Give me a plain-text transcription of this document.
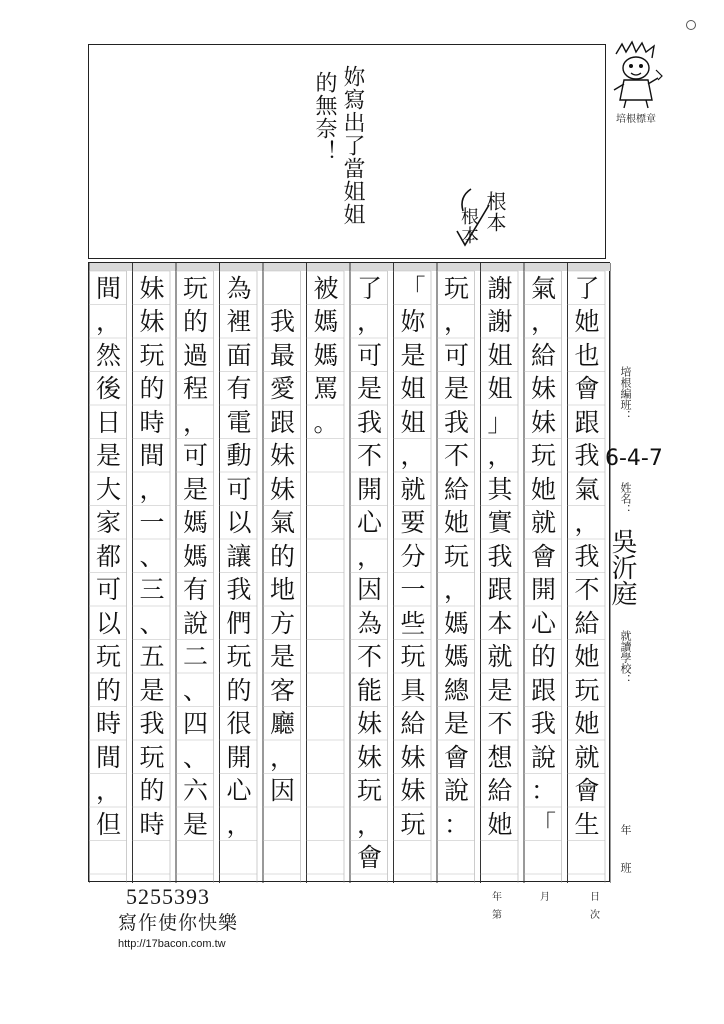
妳寫出了當姐姐
的無奈！
根本
根本
培根標章
了
她
也
會
跟
我
氣
，
我
不
給
她
玩
她
就
會
生
氣
，
給
妹
妹
玩
她
就
會
開
心
的
跟
我
說
：
「
謝
謝
姐
姐
」
，
其
實
我
跟
本
就
是
不
想
給
她
玩
，
可
是
我
不
給
她
玩
，
媽
媽
總
是
會
說
：
「
妳
是
姐
姐
，
就
要
分
一
些
玩
具
給
妹
妹
玩
了
，
可
是
我
不
開
心
，
因
為
不
能
妹
妹
玩
，
會
被
媽
媽
罵
。
我
最
愛
跟
妹
妹
氣
的
地
方
是
客
廳
，
因
為
裡
面
有
電
動
可
以
讓
我
們
玩
的
很
開
心
，
玩
的
過
程
，
可
是
媽
媽
有
說
二
、
四
、
六
是
妹
妹
玩
的
時
間
，
一
、
三
、
五
是
我
玩
的
時
間
，
然
後
日
是
大
家
都
可
以
玩
的
時
間
，
但
培根編班：
6-4-7
姓名：
吳沂庭
就讀學校：
年
班
5255393
寫作使你快樂
http://17bacon.com.tw
年	月	日
第	次
